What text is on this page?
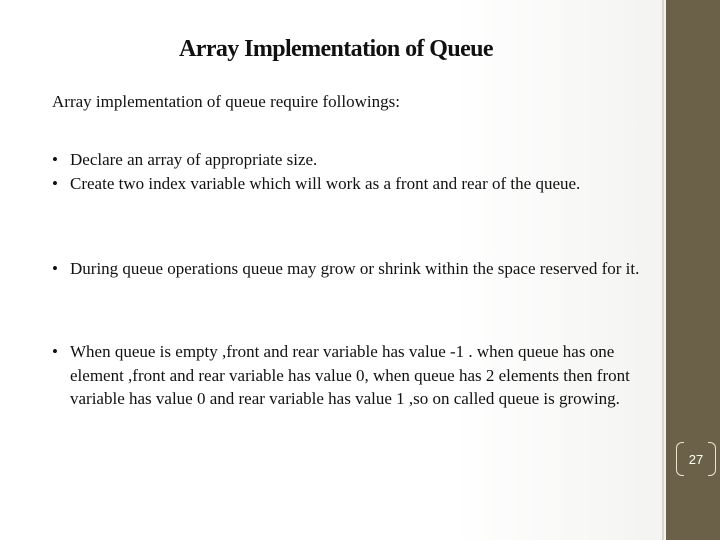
Array Implementation of Queue
Array implementation of queue require followings:
• Declare an array of appropriate size.
• Create two index variable which will work as a front and rear of the queue.
• During queue operations queue may grow or shrink within the space reserved for it.
• When queue is empty ,front and rear variable has value -1 . when queue has one element ,front and rear variable has value 0, when queue has 2 elements then front variable has value 0 and rear variable has value 1 ,so on called queue is growing.
27
